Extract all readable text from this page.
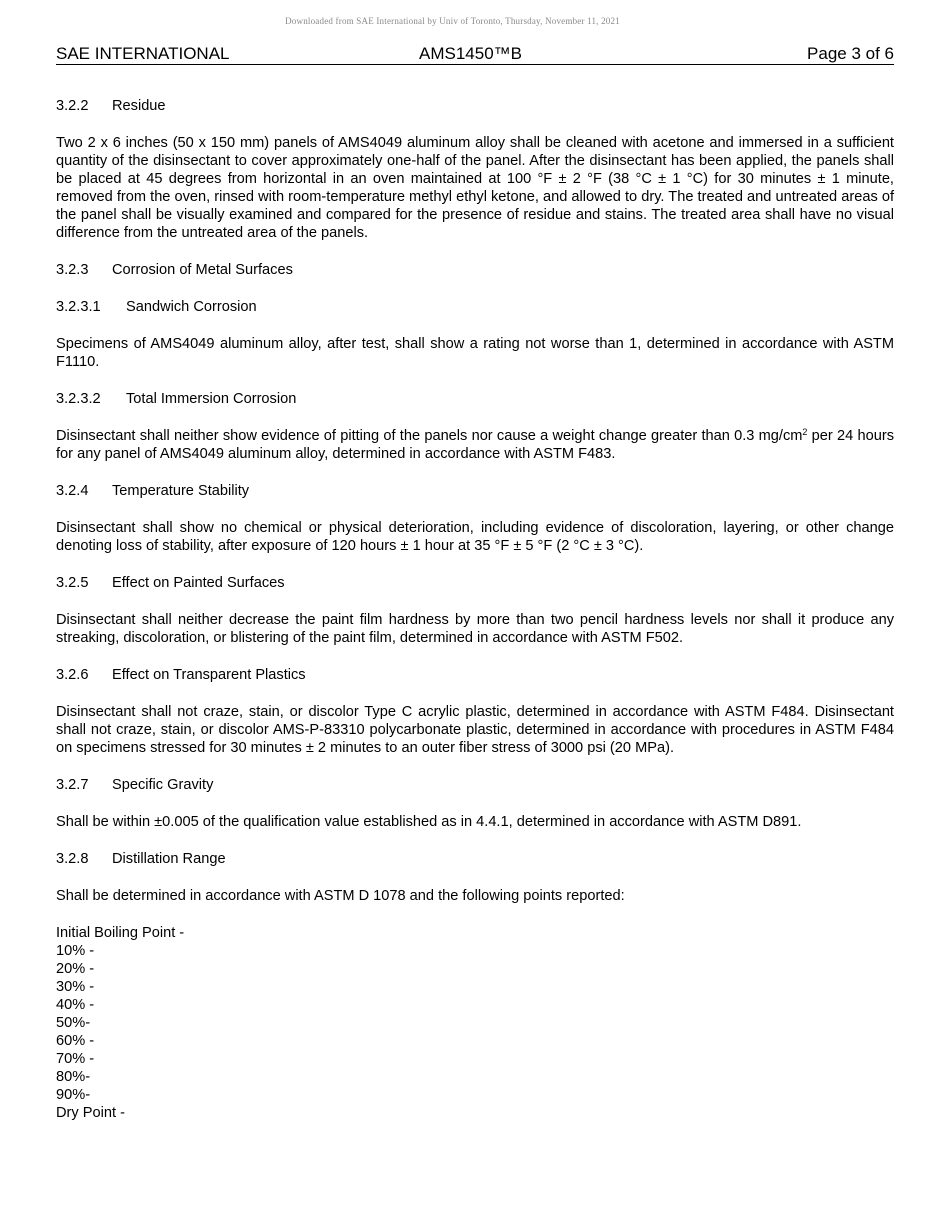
Downloaded from SAE International by Univ of Toronto, Thursday, November 11, 2021
SAE INTERNATIONAL	AMS1450™B	Page 3 of 6
3.2.2 Residue

Two 2 x 6 inches (50 x 150 mm) panels of AMS4049 aluminum alloy shall be cleaned with acetone and immersed in a sufficient quantity of the disinsectant to cover approximately one-half of the panel. After the disinsectant has been applied, the panels shall be placed at 45 degrees from horizontal in an oven maintained at 100 °F ± 2 °F (38 °C ± 1 °C) for 30 minutes ± 1 minute, removed from the oven, rinsed with room-temperature methyl ethyl ketone, and allowed to dry. The treated and untreated areas of the panel shall be visually examined and compared for the presence of residue and stains. The treated area shall have no visual difference from the untreated area of the panels.

3.2.3 Corrosion of Metal Surfaces
3.2.3.1 Sandwich Corrosion

Specimens of AMS4049 aluminum alloy, after test, shall show a rating not worse than 1, determined in accordance with ASTM F1110.

3.2.3.2 Total Immersion Corrosion

Disinsectant shall neither show evidence of pitting of the panels nor cause a weight change greater than 0.3 $mg/cm^2$ per 24 hours for any panel of AMS4049 aluminum alloy, determined in accordance with ASTM F483.

3.2.4 Temperature Stability

Disinsectant shall show no chemical or physical deterioration, including evidence of discoloration, layering, or other change denoting loss of stability, after exposure of 120 hours ± 1 hour at 35 °F ± 5 °F (2 °C ± 3 °C).

3.2.5 Effect on Painted Surfaces

Disinsectant shall neither decrease the paint film hardness by more than two pencil hardness levels nor shall it produce any streaking, discoloration, or blistering of the paint film, determined in accordance with ASTM F502.

3.2.6 Effect on Transparent Plastics

Disinsectant shall not craze, stain, or discolor Type C acrylic plastic, determined in accordance with ASTM F484. Disinsectant shall not craze, stain, or discolor AMS-P-83310 polycarbonate plastic, determined in accordance with procedures in ASTM F484 on specimens stressed for 30 minutes ± 2 minutes to an outer fiber stress of 3000 psi (20 MPa).

3.2.7 Specific Gravity

Shall be within ±0.005 of the qualification value established as in 4.4.1, determined in accordance with ASTM D891.

3.2.8 Distillation Range

Shall be determined in accordance with ASTM D 1078 and the following points reported:

Initial Boiling Point -
10% -
20% -
30% -
40% -
50%-
60% -
70% -
80%-
90%-
Dry Point -
